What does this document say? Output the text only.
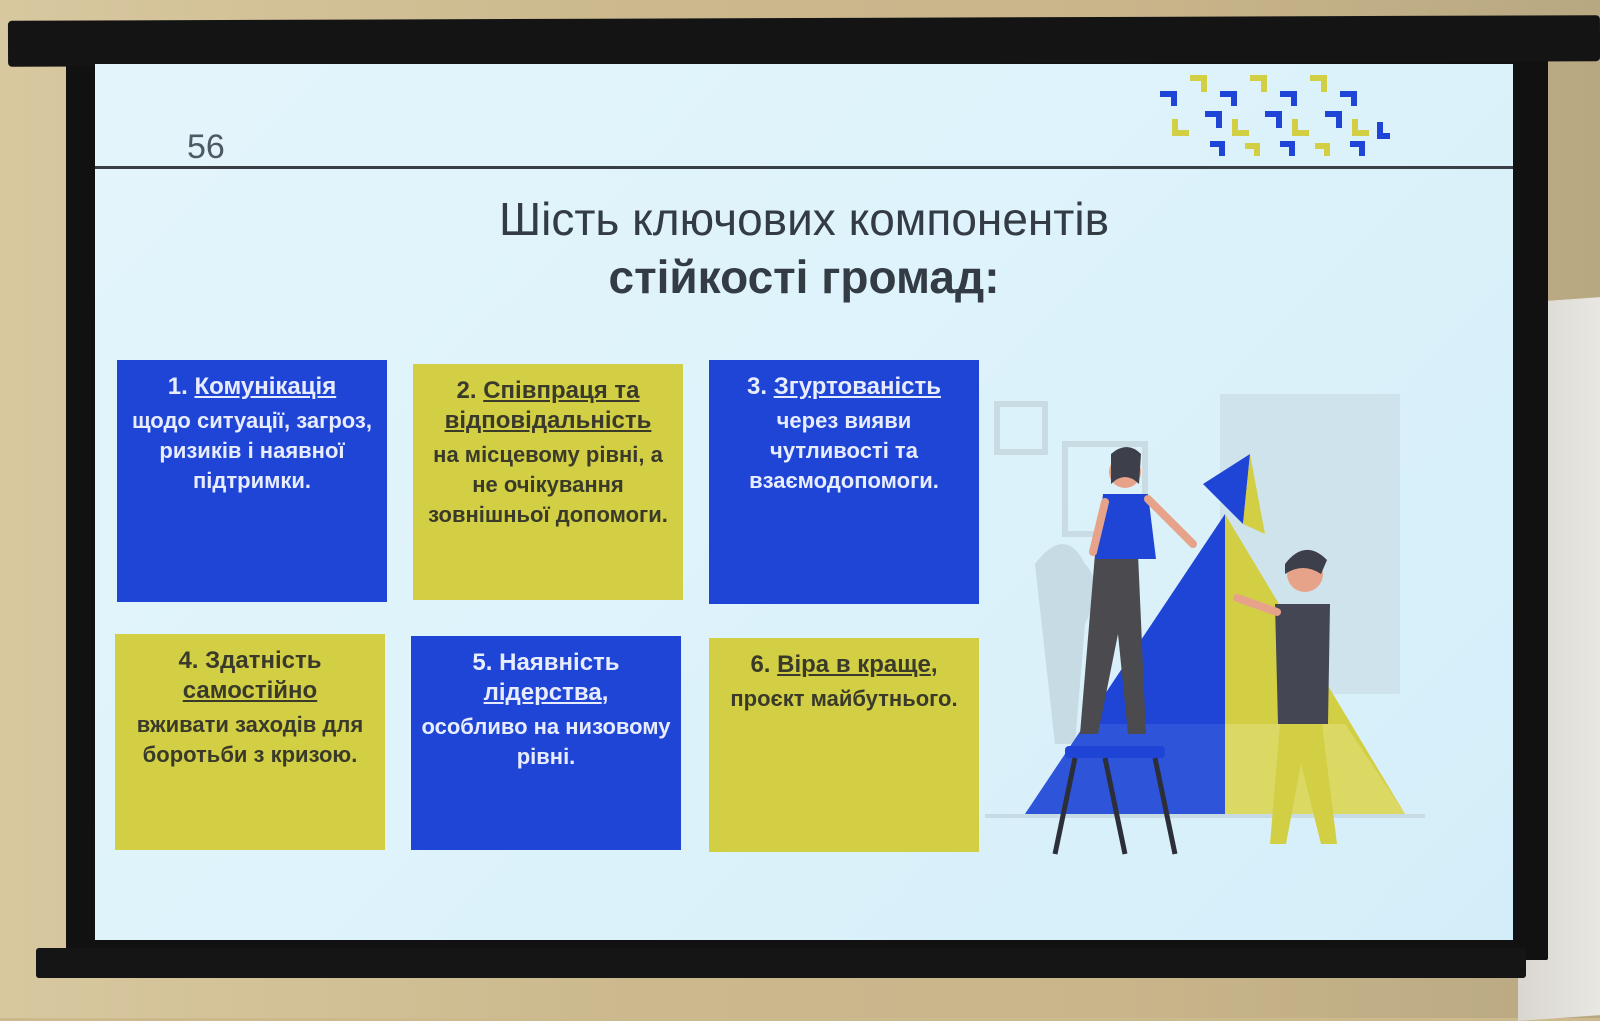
56
Шість ключових компонентів
стійкості громад:
1. Комунікація
щодо ситуації, загроз, ризиків і наявної підтримки.
2. Співпраця та відповідальність
на місцевому рівні, а не очікування зовнішньої допомоги.
3. Згуртованість
через вияви чутливості та взаємодопомоги.
4. Здатність самостійно
вживати заходів для боротьби з кризою.
5. Наявність лідерства,
особливо на низовому рівні.
6. Віра в краще,
проєкт майбутнього.
